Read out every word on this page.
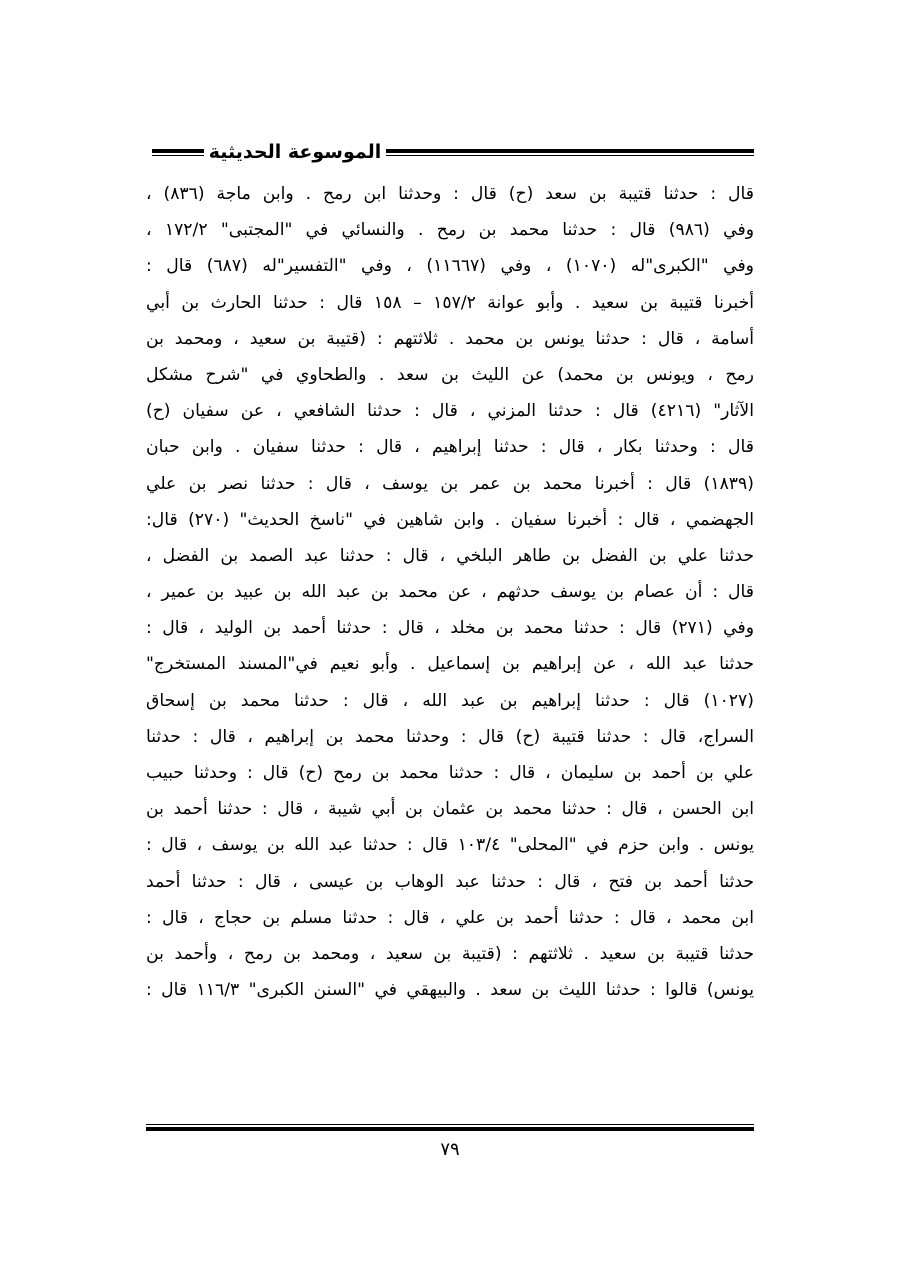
الموسوعة الحديثية
قال : حدثنا قتيبة بن سعد (ح) قال : وحدثنا ابن رمح . وابن ماجة (٨٣٦) ،
وفي (٩٨٦) قال : حدثنا محمد بن رمح . والنسائي في "المجتبى" ١٧٢/٢ ،
وفي "الكبرى"له (١٠٧٠) ، وفي (١١٦٦٧) ، وفي "التفسير"له (٦٨٧) قال :
أخبرنا قتيبة بن سعيد . وأبو عوانة ١٥٧/٢ – ١٥٨ قال : حدثنا الحارث بن أبي
أسامة ، قال : حدثنا يونس بن محمد . ثلاثتهم : (قتيبة بن سعيد ، ومحمد بن
رمح ، ويونس بن محمد) عن الليث بن سعد . والطحاوي في "شرح مشكل
الآثار" (٤٢١٦) قال : حدثنا المزني ، قال : حدثنا الشافعي ، عن سفيان (ح)
قال : وحدثنا بكار ، قال : حدثنا إبراهيم ، قال : حدثنا سفيان . وابن حبان
(١٨٣٩) قال : أخبرنا محمد بن عمر بن يوسف ، قال : حدثنا نصر بن علي
الجهضمي ، قال : أخبرنا سفيان . وابن شاهين في "ناسخ الحديث" (٢٧٠) قال:
حدثنا علي بن الفضل بن طاهر البلخي ، قال : حدثنا عبد الصمد بن الفضل ،
قال : أن عصام بن يوسف حدثهم ، عن محمد بن عبد الله بن عبيد بن عمير ،
وفي (٢٧١) قال : حدثنا محمد بن مخلد ، قال : حدثنا أحمد بن الوليد ، قال :
حدثنا عبد الله ، عن إبراهيم بن إسماعيل . وأبو نعيم في"المسند المستخرج"
(١٠٢٧) قال : حدثنا إبراهيم بن عبد الله ، قال : حدثنا محمد بن إسحاق
السراج، قال : حدثنا قتيبة (ح) قال : وحدثنا محمد بن إبراهيم ، قال : حدثنا
علي بن أحمد بن سليمان ، قال : حدثنا محمد بن رمح (ح) قال : وحدثنا حبيب
ابن الحسن ، قال : حدثنا محمد بن عثمان بن أبي شيبة ، قال : حدثنا أحمد بن
يونس . وابن حزم في "المحلى" ١٠٣/٤ قال : حدثنا عبد الله بن يوسف ، قال :
حدثنا أحمد بن فتح ، قال : حدثنا عبد الوهاب بن عيسى ، قال : حدثنا أحمد
ابن محمد ، قال : حدثنا أحمد بن علي ، قال : حدثنا مسلم بن حجاج ، قال :
حدثنا قتيبة بن سعيد . ثلاثتهم : (قتيبة بن سعيد ، ومحمد بن رمح ، وأحمد بن
يونس) قالوا : حدثنا الليث بن سعد . والبيهقي في "السنن الكبرى" ١١٦/٣ قال :
٧٩
